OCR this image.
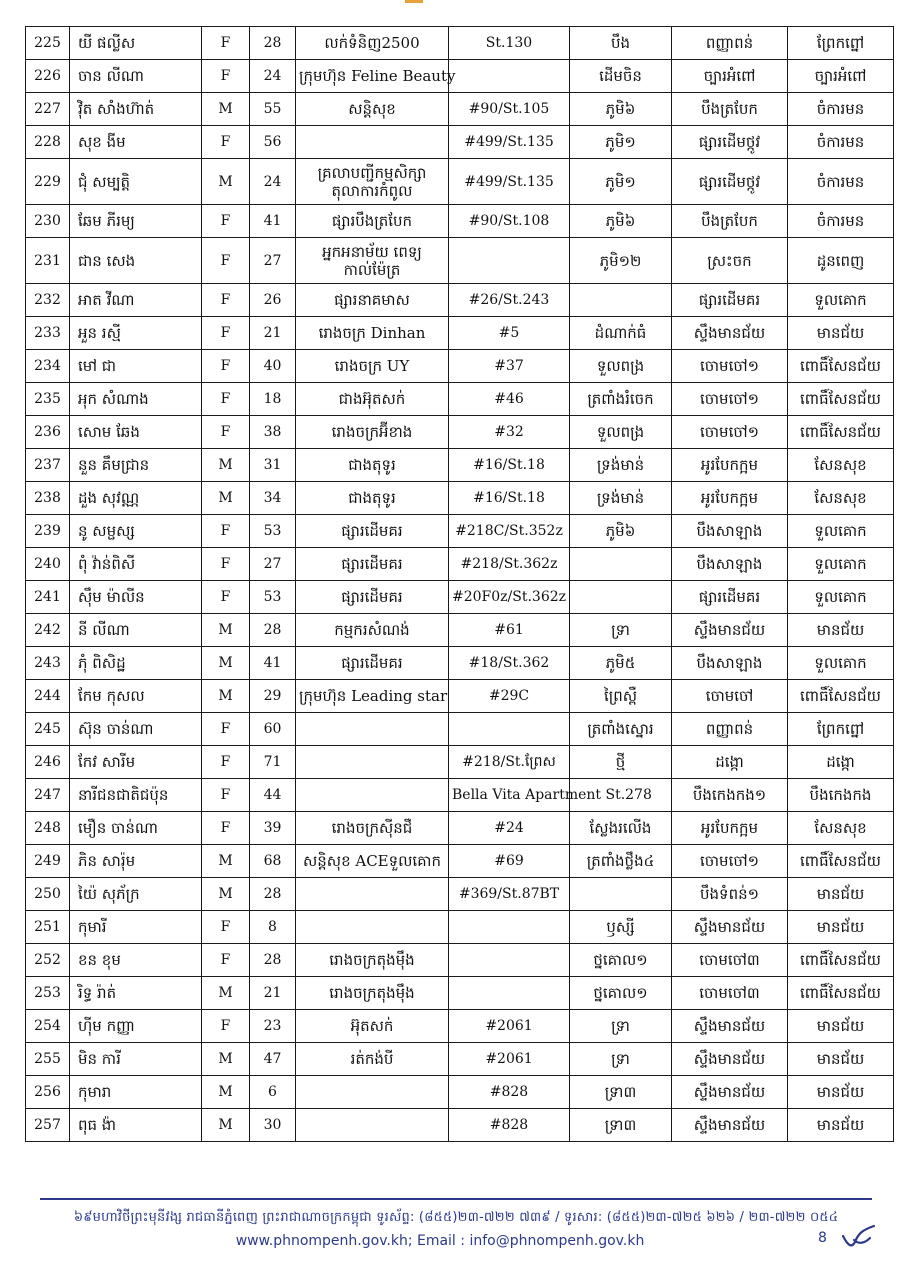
225	យី ផល្លីស	F	28	លក់ទំនិញ2500	St.130	បឹង	ពញ្ញាពន់	ព្រែកព្នៅ
226	ចាន លីណា	F	24	ក្រុមហ៊ុន Feline Beauty		ដើមចិន	ច្បារអំពៅ	ច្បារអំពៅ
227	វ៉ិត សាំងហ៊ាត់	M	55	សន្តិសុខ	#90/St.105	ភូមិ៦	បឹងត្របែក	ចំការមន
228	សុខ ងីម	F	56		#499/St.135	ភូមិ១	ផ្សារដើមថ្កូវ	ចំការមន
229	ជុំ សម្បត្តិ	M	24	គ្រលាបញ្ជីកម្មសិក្សា តុលាការកំពូល	#499/St.135	ភូមិ១	ផ្សារដើមថ្កូវ	ចំការមន
230	ឆែម ភីរម្យ	F	41	ផ្សារបឹងត្របែក	#90/St.108	ភូមិ៦	បឹងត្របែក	ចំការមន
231	ជាន សេង	F	27	អ្នកអនាម័យ ពេទ្យកាល់ម៉ែត្រ		ភូមិ១២	ស្រះចក	ដូនពេញ
232	អាត វីណា	F	26	ផ្សារនាគមាស	#26/St.243		ផ្សារដើមគរ	ទួលគោក
233	អួន រស្មី	F	21	រោងចក្រ Dinhan	#5	ដំណាក់ធំ	ស្ទឹងមានជ័យ	មានជ័យ
234	មៅ ជា	F	40	រោងចក្រ UY	#37	ទួលពង្រ	ចោមចៅ១	ពោធិ៍សែនជ័យ
235	អុក សំណាង	F	18	ជាងអ៊ុតសក់	#46	ត្រពាំងរំចេក	ចោមចៅ១	ពោធិ៍សែនជ័យ
236	សោម ឆែង	F	38	រោងចក្រអ៊ីខាង	#32	ទួលពង្រ	ចោមចៅ១	ពោធិ៍សែនជ័យ
237	នួន គឹមជ្រាន	M	31	ជាងតុទូរ	#16/St.18	ទ្រង់មាន់	អូរបែកក្អម	សែនសុខ
238	ដួង សុវណ្ណ	M	34	ជាងតុទូរ	#16/St.18	ទ្រង់មាន់	អូរបែកក្អម	សែនសុខ
239	នូ សម្ផស្ស	F	53	ផ្សារដើមគរ	#218C/St.352z	ភូមិ៦	បឹងសាឡាង	ទួលគោក
240	ពុំ វ៉ាន់ពិសី	F	27	ផ្សារដើមគរ	#218/St.362z		បឹងសាឡាង	ទួលគោក
241	ស៊ឹម ម៉ាលីន	F	53	ផ្សារដើមគរ	#20F0z/St.362z		ផ្សារដើមគរ	ទួលគោក
242	នី លីណា	M	28	កម្មករសំណង់	#61	ទ្រា	ស្ទឹងមានជ័យ	មានជ័យ
243	ភុំ ពិសិដ្ឋ	M	41	ផ្សារដើមគរ	#18/St.362	ភូមិ៥	បឹងសាឡាង	ទួលគោក
244	កែម កុសល	M	29	ក្រុមហ៊ុន Leading star	#29C	ព្រៃស្ពឺ	ចោមចៅ	ពោធិ៍សែនជ័យ
245	ស៊ុន ចាន់ណា	F	60			ត្រពាំងស្នោរ	ពញ្ញាពន់	ព្រែកព្នៅ
246	កែវ សារីម	F	71		#218/St.ព្រែស	ថ្មី	ដង្កោ	ដង្កោ
247	នារីជនជាតិជប៉ុន	F	44		Bella Vita Apartment St.278		បឹងកេងកង១	បឹងកេងកង
248	មឿន ចាន់ណា	F	39	រោងចក្រស៊ីនជឺ	#24	ស្លែងរលើង	អូរបែកក្អម	សែនសុខ
249	ភិន សារ៉ុម	M	68	សន្តិសុខ ACEទួលគោក	#69	ត្រពាំងថ្លឹង៤	ចោមចៅ១	ពោធិ៍សែនជ័យ
250	យ៉ៃ សុភ័ក្រ	M	28		#369/St.87BT		បឹងទំពន់១	មានជ័យ
251	កុមារី	F	8			ឫស្សី	ស្ទឹងមានជ័យ	មានជ័យ
252	ខន ខុម	F	28	រោងចក្រតុងម៉ឹង		ថ្នគោល១	ចោមចៅ៣	ពោធិ៍សែនជ័យ
253	រិទ្ធ រ៉ាត់	M	21	រោងចក្រតុងម៉ឹង		ថ្នគោល១	ចោមចៅ៣	ពោធិ៍សែនជ័យ
254	ហ៊ីម កញ្ញា	F	23	អ៊ុតសក់	#2061	ទ្រា	ស្ទឹងមានជ័យ	មានជ័យ
255	មិន ការី	M	47	រត់កង់បី	#2061	ទ្រា	ស្ទឹងមានជ័យ	មានជ័យ
256	កុមារា	M	6		#828	ទ្រា៣	ស្ទឹងមានជ័យ	មានជ័យ
257	ពុធ ង៉ា	M	30		#828	ទ្រា៣	ស្ទឹងមានជ័យ	មានជ័យ
៦៩មហាវិថីព្រះមុនីវង្ស រាជធានីភ្នំពេញ ព្រះរាជាណាចក្រកម្ពុជា ទូរស័ព្ទ: (៨៥៥)២៣-៧២២ ៧៣៩ / ទូរសារ: (៨៥៥)២៣-៧២៥ ៦២៦ / ២៣-៧២២ ០៥៤
www.phnompenh.gov.kh; Email : info@phnompenh.gov.kh	8
